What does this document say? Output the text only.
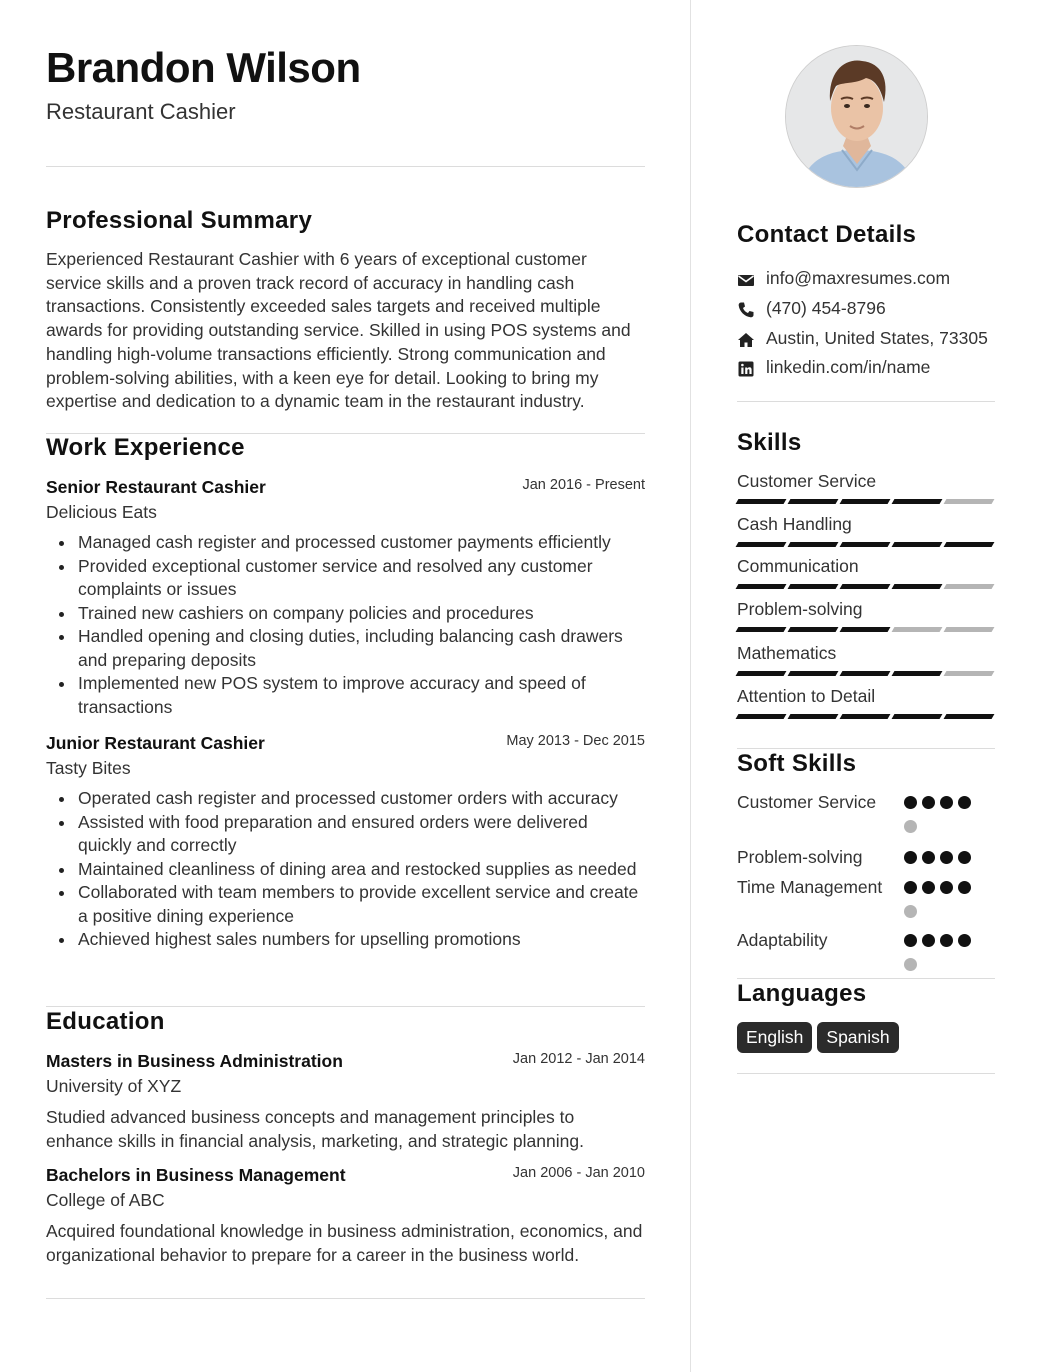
Brandon Wilson
Restaurant Cashier
Professional Summary
Experienced Restaurant Cashier with 6 years of exceptional customer service skills and a proven track record of accuracy in handling cash transactions. Consistently exceeded sales targets and received multiple awards for providing outstanding service. Skilled in using POS systems and handling high-volume transactions efficiently. Strong communication and problem-solving abilities, with a keen eye for detail. Looking to bring my expertise and dedication to a dynamic team in the restaurant industry.
Work Experience
Senior Restaurant Cashier	Jan 2016 - Present
Delicious Eats
Managed cash register and processed customer payments efficiently
Provided exceptional customer service and resolved any customer complaints or issues
Trained new cashiers on company policies and procedures
Handled opening and closing duties, including balancing cash drawers and preparing deposits
Implemented new POS system to improve accuracy and speed of transactions
Junior Restaurant Cashier	May 2013 - Dec 2015
Tasty Bites
Operated cash register and processed customer orders with accuracy
Assisted with food preparation and ensured orders were delivered quickly and correctly
Maintained cleanliness of dining area and restocked supplies as needed
Collaborated with team members to provide excellent service and create a positive dining experience
Achieved highest sales numbers for upselling promotions
Education
Masters in Business Administration	Jan 2012 - Jan 2014
University of XYZ
Studied advanced business concepts and management principles to enhance skills in financial analysis, marketing, and strategic planning.
Bachelors in Business Management	Jan 2006 - Jan 2010
College of ABC
Acquired foundational knowledge in business administration, economics, and organizational behavior to prepare for a career in the business world.
Contact Details
info@maxresumes.com
(470) 454-8796
Austin, United States, 73305
linkedin.com/in/name
Skills
Customer Service
Cash Handling
Communication
Problem-solving
Mathematics
Attention to Detail
Soft Skills
Customer Service
Problem-solving
Time Management
Adaptability
Languages
English Spanish
